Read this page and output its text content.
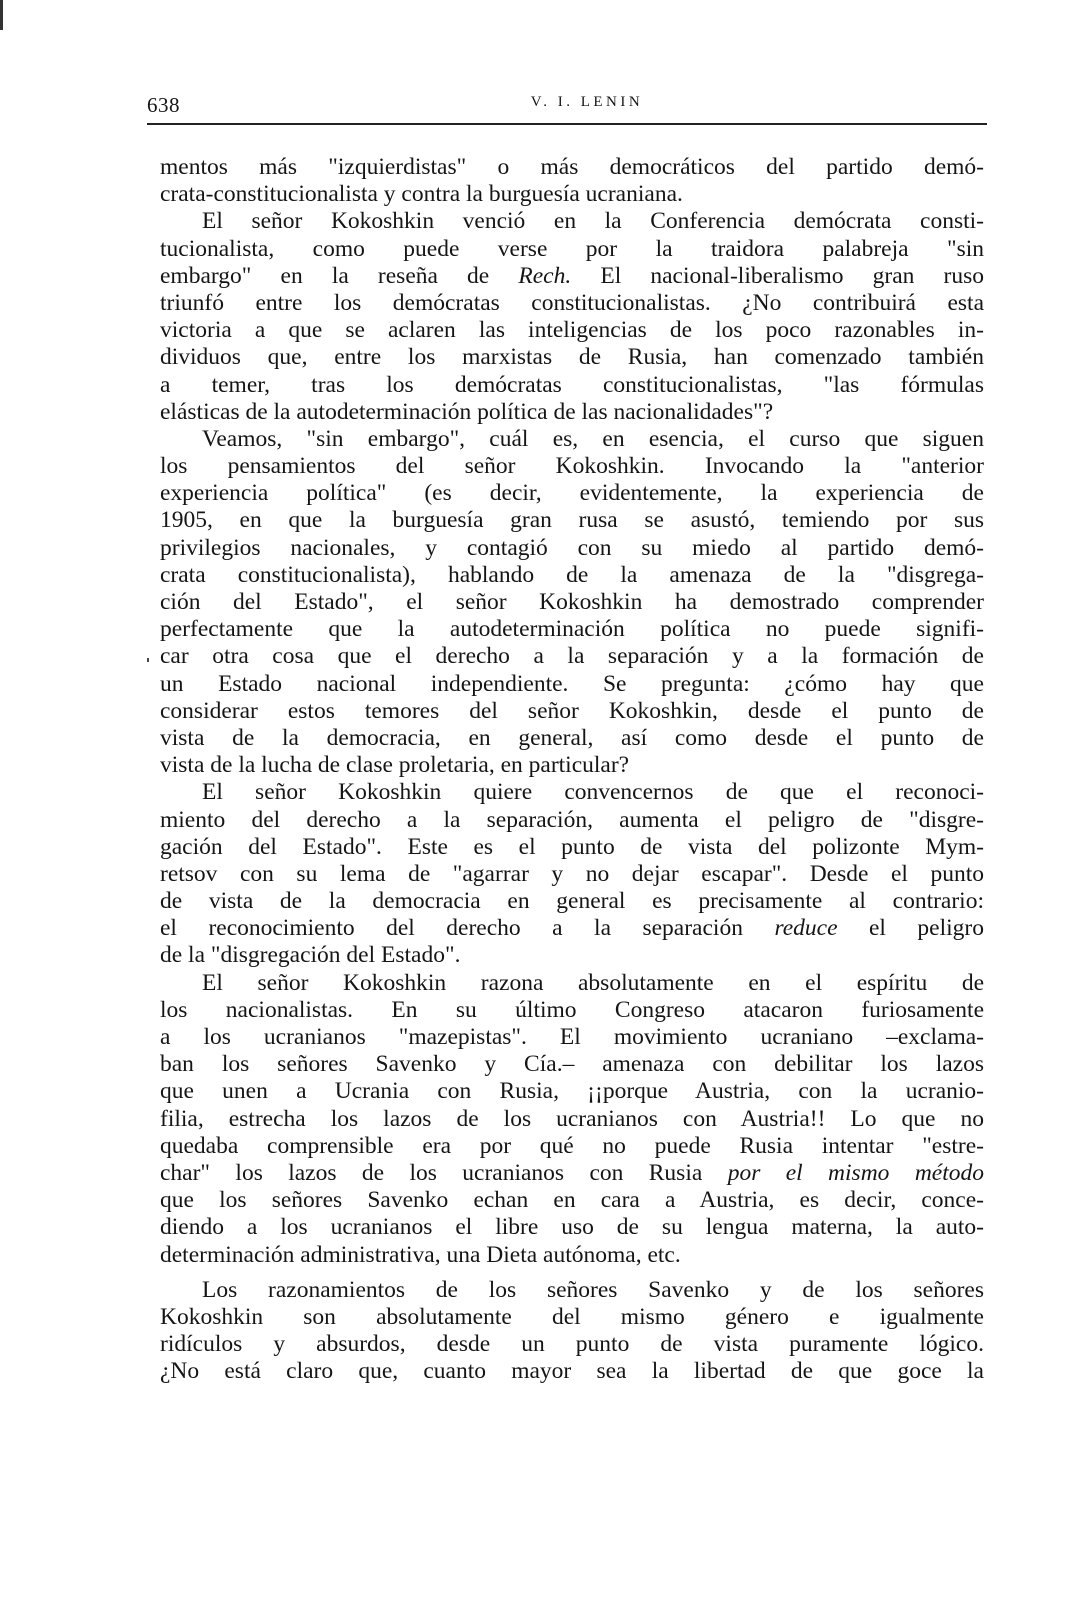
638	V. I. LENIN
mentos más "izquierdistas" o más democráticos del partido demó-
crata-constitucionalista y contra la burguesía ucraniana.
El señor Kokoshkin venció en la Conferencia demócrata consti-
tucionalista, como puede verse por la traidora palabreja "sin
embargo" en la reseña de Rech. El nacional-liberalismo gran ruso
triunfó entre los demócratas constitucionalistas. ¿No contribuirá esta
victoria a que se aclaren las inteligencias de los poco razonables in-
dividuos que, entre los marxistas de Rusia, han comenzado también
a temer, tras los demócratas constitucionalistas, "las fórmulas
elásticas de la autodeterminación política de las nacionalidades"?
Veamos, "sin embargo", cuál es, en esencia, el curso que siguen
los pensamientos del señor Kokoshkin. Invocando la "anterior
experiencia política" (es decir, evidentemente, la experiencia de
1905, en que la burguesía gran rusa se asustó, temiendo por sus
privilegios nacionales, y contagió con su miedo al partido demó-
crata constitucionalista), hablando de la amenaza de la "disgrega-
ción del Estado", el señor Kokoshkin ha demostrado comprender
perfectamente que la autodeterminación política no puede signifi-
car otra cosa que el derecho a la separación y a la formación de
un Estado nacional independiente. Se pregunta: ¿cómo hay que
considerar estos temores del señor Kokoshkin, desde el punto de
vista de la democracia, en general, así como desde el punto de
vista de la lucha de clase proletaria, en particular?
El señor Kokoshkin quiere convencernos de que el reconoci-
miento del derecho a la separación, aumenta el peligro de "disgre-
gación del Estado". Este es el punto de vista del polizonte Mym-
retsov con su lema de "agarrar y no dejar escapar". Desde el punto
de vista de la democracia en general es precisamente al contrario:
el reconocimiento del derecho a la separación reduce el peligro
de la "disgregación del Estado".
El señor Kokoshkin razona absolutamente en el espíritu de
los nacionalistas. En su último Congreso atacaron furiosamente
a los ucranianos "mazepistas". El movimiento ucraniano –exclama-
ban los señores Savenko y Cía.– amenaza con debilitar los lazos
que unen a Ucrania con Rusia, ¡¡porque Austria, con la ucranio-
filia, estrecha los lazos de los ucranianos con Austria!! Lo que no
quedaba comprensible era por qué no puede Rusia intentar "estre-
char" los lazos de los ucranianos con Rusia por el mismo método
que los señores Savenko echan en cara a Austria, es decir, conce-
diendo a los ucranianos el libre uso de su lengua materna, la auto-
determinación administrativa, una Dieta autónoma, etc.
Los razonamientos de los señores Savenko y de los señores
Kokoshkin son absolutamente del mismo género e igualmente
ridículos y absurdos, desde un punto de vista puramente lógico.
¿No está claro que, cuanto mayor sea la libertad de que goce la
